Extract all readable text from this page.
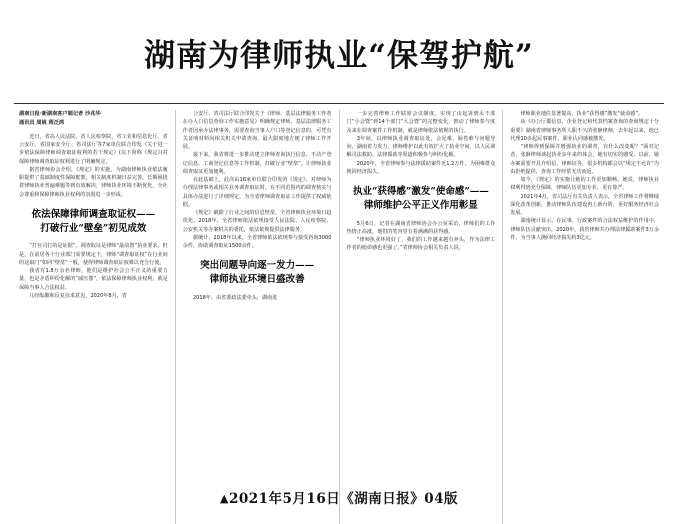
湖南为律师执业“保驾护航”
湖南日报·新湖南客户端记者 沙兆华
通讯员 周姚 蒋泛鸿

近日，省高人民法院、省人民检察院、省工业和信息化厅、省公安厅、省国家安全厅、省司法厅等7家单位联合印发《关于进一步依法保障律师调查取证权利的若干规定》(以下简称《规定》)对保障律师调查取证权利进行了明确规定。

据省律师协会介绍，《规定》的实施，为湖南律师执业依法履职提供了基础制度性保障框架，相关制度机制日益完善，长期困扰着律师执业普遍难题等到有效解决，律师执业环境不断优化，全社会尊重和保障律师执业权利的氛围进一步形成。

依法保障律师调查取证权——
打破行业“壁垒”初见成效

“打官司打的是证据”。调查取证是律师“最前置”执业要求，但是，在前居各个行业部门需要规定下，律师“调查取证权”在行业间的这扇门“如同“壁垒”一般，使得律师调查取证权难以充分行使。

我省有1.8万余名律师，他们是维护社会公平正义的重要力量，也是矛盾纠纷化解的“减压器”，依法保障律师执业权利，就是保障当事人合法权益。

几经酝酿和反复征求意见，2020年8月，省

公安厅、省司法厅联合印发关于《律师、基层法律服务工作者在办人口信息查询工作实施意见》明确规定律师、基层法律服务工作者因承办法律事务，需要查询当事人户口等登记信息的，可凭有关证明材料向相关机关申请查询，最大限度地方便了律师工作开展。

接下来，我省将进一步推动建立律师查询执行信息、不动产登记信息、工商登记信息等工作机制，打破行业“壁垒”，让律师执业调查取证更加便利。

在此基础上，此次由16家单位联合印发的《规定》，对律师为办理法律事务或相关业务调查取证时，在不同范围内的调查核实与具体办法进行了详细规定，为全省律师调查取证工作提供了权威依据。

《规定》破除了行业之间的信息壁垒，全省律师执业环境日趋优化。2018年，全省律师依法依规接受人民法院、人民检察院、公安机关等办案机关的委托，依法依规提供法律服务。

据统计，2018年以来，全省律师依法依规参与接受咨询3000余件，协助调查取证1500余件。

突出问题导向逐一发力——
律师执业环境日盛改善

2018年，由省委政法委牵头，湖南进

一步完善律师工作联席会议制度，实现了由起诉到永不部门“小会暨”到14个部门“大会暨”的完整变化，推动了律师参与度及来在调查案件工作机制，就是律师依法依规的执行。

3年间，以律师执业调查取证处，会见难、阅卷难与问题导向，湖南着力发力，律师维护以此有效扩大了执业空间，以人民调解司法救助、法律援助等渠道积极参与纠纷化解。

2020年，全省律师参与法律援助案件近1.2万件，为困难群众挽回经济损失。

执业“获得感”激发“使命感”——
律师维护公平正义作用彰显

5月6日，记者在湖南省律师协会办公室采访，律师们的工作热情正高涨，他们的笑容里有着满满的获得感。

“律师执业环境好了，我们的工作越来越有奔头，作为法律工作者的使命感也更强了。”省律师协会相关负责人说。

律师职业地位显著提高，执业“获得感”激发“使命感”。

从《办公厅都信息、企业登记和代表档案查询的查询规定十分重要》湖南省律师事务所人职不久的张静律师，去年起以来，他已代理10多起民事案件，职业认同感被激发。

“律师得到保障并增强执业的调查，有什么改变呢？”面对记者，张静律师谈起执业多年来的体会，她有切实的感受。以前，她办案需要开具介绍信、律师证等，很多机构都会以“规定不允许”为由拒绝提供，查询工作经常无功而返。

如今，《规定》的实施让她的工作更加顺畅。她说，律师执业权利得到充分保障，律师队伍更加专业、更有尊严。

2021年4月，省司法厅有关负责人表示，全省律师工作将继续深化改革创新，推动律师队伍建设再上新台阶，更好服务经济社会发展。

湖南统计显示，在民事、行政案件的合法权益维护的作用中，律师队伍贡献突出。2020年，我省律师共办理法律援助案件3万余件，为当事人挽回经济损失约3亿元。

▲2021年5月16日《湖南日报》04版
